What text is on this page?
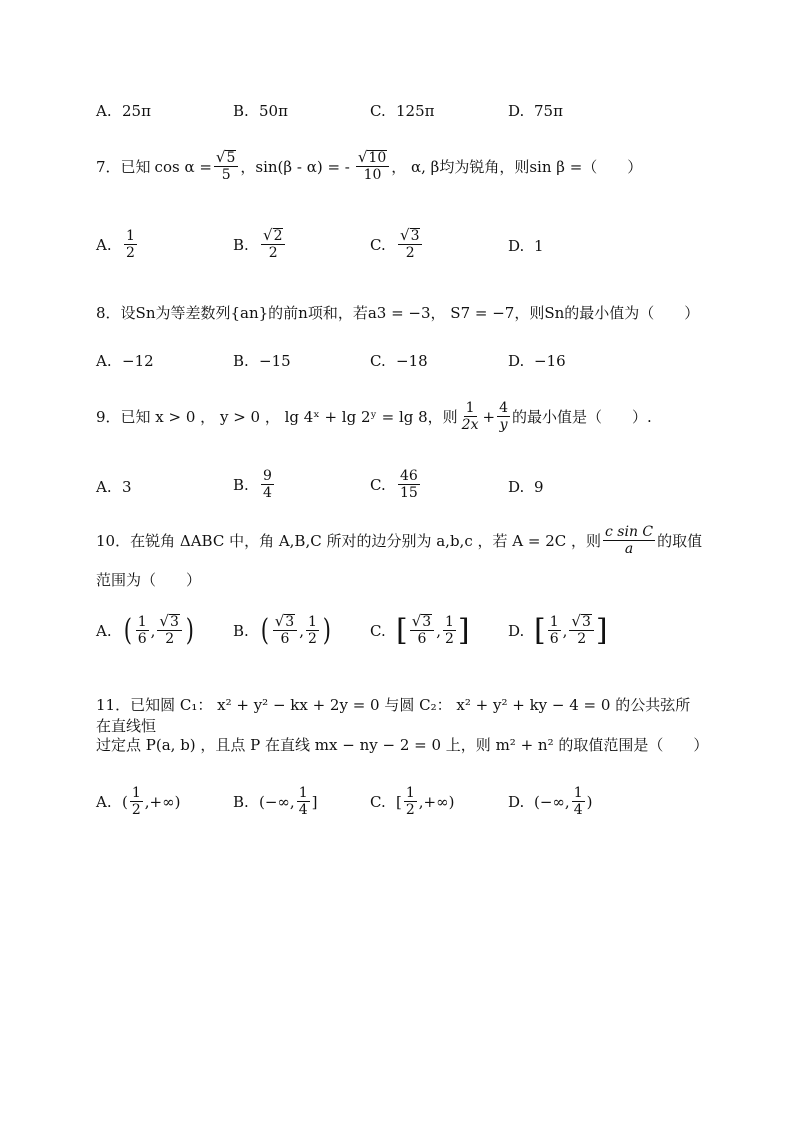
A. 25π	B. 50π	C. 125π	D. 75π
7．已知 $\cos \alpha = \frac{√ 5}{5}$ ，sin(β - α) = - $\frac{√ 10}{10}$ ， α, β均为锐角，则sin β =（　　）
A. $\frac{1}{2}$	B. $\frac{√ 2}{2}$	C. $\frac{√ 3}{2}$	D. 1
8．设Sn为等差数列{an}的前n项和，若a3 = −3， S7 = −7，则Sn的最小值为（　　）
A. −12	B. −15	C. −18	D. −16
9．已知 x > 0 ， y > 0 ， lg 4ˣ + lg 2ʸ = lg 8，则 $\frac{1}{2x} + \frac{4}{y}$ 的最小值是（　　）.
A. 3	B. $\frac{9}{4}$	C. $\frac{46}{15}$	D. 9
10．在锐角 ΔABC 中，角 A,B,C 所对的边分别为 a,b,c ，若 A = 2C ，则 $\frac{\text{c sin C}}{a}$ 的取值
范围为（　　）
A. ( $\frac{1}{6}$ , $\frac{√ 3}{2}$ )	B. ( $\frac{√ 3}{6}$ , $\frac{1}{2}$ )	C. [ $\frac{√ 3}{6}$ , $\frac{1}{2}$ ]	D. [ $\frac{1}{6}$ , $\frac{√ 3}{2}$ ]
11．已知圆 C₁： x² + y² − kx + 2y = 0 与圆 C₂： x² + y² + ky − 4 = 0 的公共弦所在直线恒
过定点 P(a, b) ，且点 P 在直线 mx − ny − 2 = 0 上，则 m² + n² 的取值范围是（　　）
A. ( $\frac{1}{2}$ ,+∞)	B. (−∞, $\frac{1}{4}$ ]	C. [ $\frac{1}{2}$ ,+∞)	D. (−∞, $\frac{1}{4}$ )
